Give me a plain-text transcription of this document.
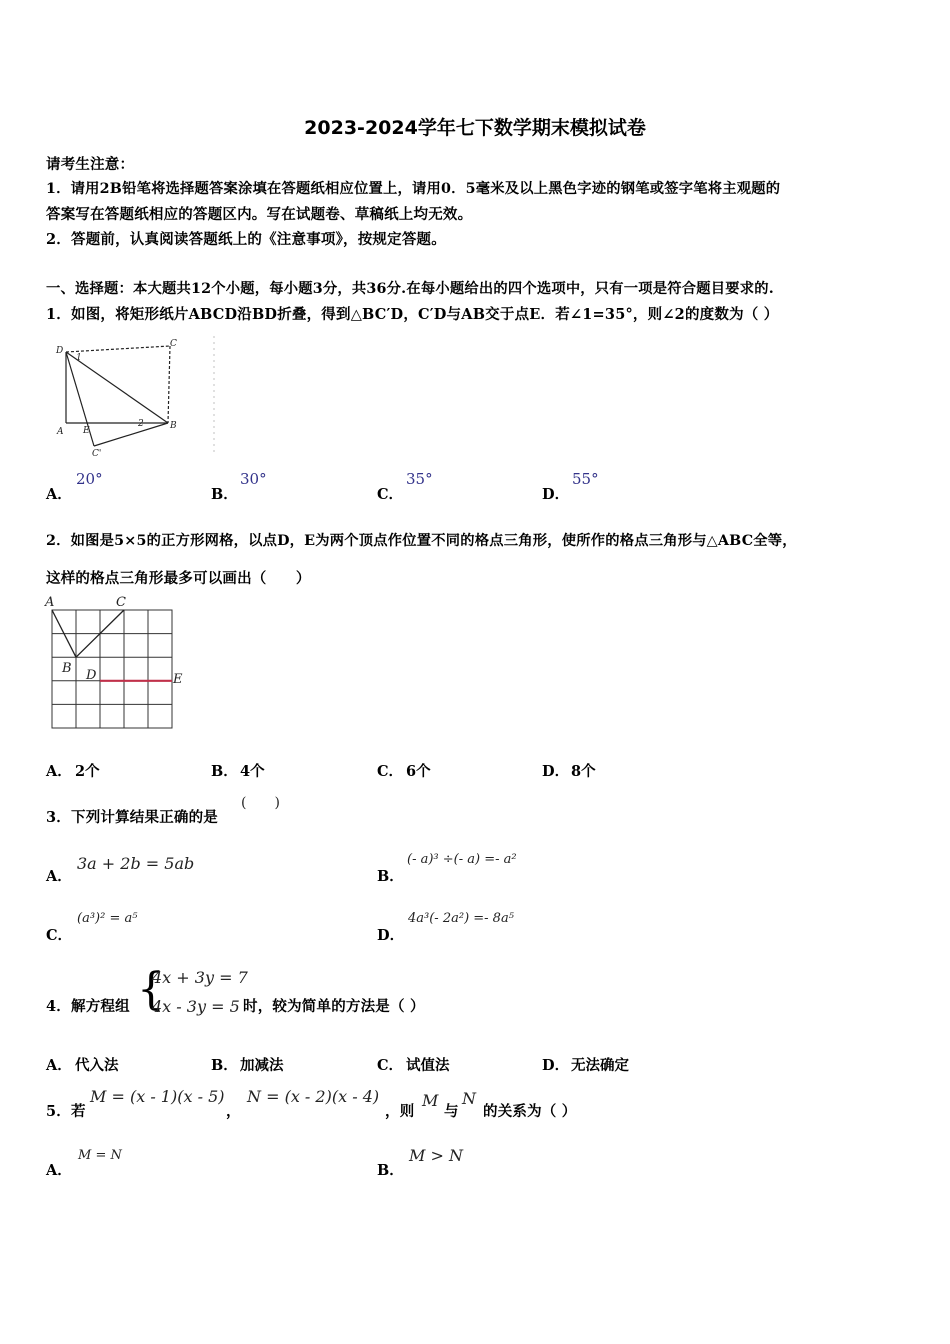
2023-2024学年七下数学期末模拟试卷
请考生注意：
1．请用2B铅笔将选择题答案涂填在答题纸相应位置上，请用0．5毫米及以上黑色字迹的钢笔或签字笔将主观题的
答案写在答题纸相应的答题区内。写在试题卷、草稿纸上均无效。
2．答题前，认真阅读答题纸上的《注意事项》，按规定答题。
一、选择题：本大题共12个小题，每小题3分，共36分.在每小题给出的四个选项中，只有一项是符合题目要求的.
1．如图，将矩形纸片ABCD沿BD折叠，得到△BC′D，C′D与AB交于点E．若∠1=35°，则∠2的度数为（ ）
D
1
C
A E
2	B
C'
A．
20°
B．
30°
C．
35°
D．
55°
2．如图是5×5的正方形网格，以点D，E为两个顶点作位置不同的格点三角形，使所作的格点三角形与△ABC全等，
这样的格点三角形最多可以画出（　　）
A	C
B D	E
A． 2个	B． 4个	C． 6个	D． 8个
3．下列计算结果正确的是
(　　)
A．
3a + 2b = 5ab
B．
(- a)³ ÷(- a) =- a²
C．
(a³)² = a⁵
D．
4a³(- 2a²) =- 8a⁵
4．解方程组 {
4x + 3y = 7
4x - 3y = 5 时，较为简单的方法是（ ）
A． 代入法	B． 加减法	C． 试值法	D． 无法确定
5．若
M = (x - 1)(x - 5)
，
N = (x - 2)(x - 4)
，则
M
与
N
的关系为（ ）
A．
M = N
B．
M > N
